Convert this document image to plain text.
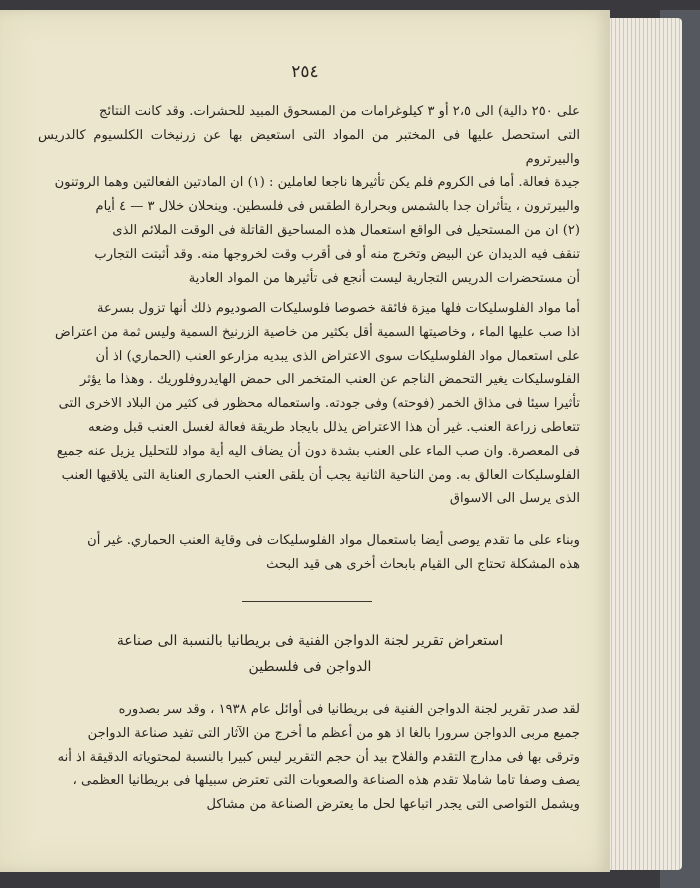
٢٥٤

على ٢٥٠ دالية) الى ٢،٥ أو ٣ كيلوغرامات من المسحوق المبيد للحشرات. وقد كانت النتائج
التى استحصل عليها فى المختبر من المواد التى استعيض بها عن زرنيخات الكلسيوم كالدريس والبيرتروم
جيدة فعالة. أما فى الكروم فلم يكن تأثيرها ناجعا لعاملين : (١) ان المادتين الفعالتين وهما الروتنون
والبيرترون ، يتأثران جدا بالشمس وبحرارة الطقس فى فلسطين. وينحلان خلال ٣ — ٤ أيام
(٢) ان من المستحيل فى الواقع استعمال هذه المساحيق القاتلة فى الوقت الملائم الذى
تنقف فيه الديدان عن البيض وتخرج منه أو فى أقرب وقت لخروجها منه. وقد أثبتت التجارب
أن مستحضرات الدريس التجارية ليست أنجع فى تأثيرها من المواد العادية

أما مواد الفلوسليكات فلها ميزة فائقة خصوصا فلوسليكات الصوديوم ذلك أنها تزول بسرعة
اذا صب عليها الماء ، وخاصيتها السمية أقل بكثير من خاصية الزرنيخ السمية وليس ثمة من اعتراض
على استعمال مواد الفلوسليكات سوى الاعتراض الذى يبديه مزارعو العنب (الحماري) اذ أن
الفلوسليكات يغير التحمض الناجم عن العنب المتخمر الى حمض الهايدروفلوريك . وهذا ما يؤثر
تأثيرا سيئا فى مذاق الخمر (فوحته) وفى جودته. واستعماله محظور فى كثير من البلاد الاخرى التى
تتعاطى زراعة العنب. غير أن هذا الاعتراض يذلل بايجاد طريقة فعالة لغسل العنب قبل وضعه
فى المعصرة. وان صب الماء على العنب بشدة دون أن يضاف اليه أية مواد للتحليل يزيل عنه جميع
الفلوسليكات العالق به. ومن الناحية الثانية يجب أن يلقى العنب الحمارى العناية التى يلاقيها العنب
الذى يرسل الى الاسواق

وبناء على ما تقدم يوصى أيضا باستعمال مواد الفلوسليكات فى وقاية العنب الحماري. غير أن
هذه المشكلة تحتاج الى القيام بابحاث أخرى هى قيد البحث

استعراض تقرير لجنة الدواجن الفنية فى بريطانيا بالنسبة الى صناعة
الدواجن فى فلسطين

لقد صدر تقرير لجنة الدواجن الفنية فى بريطانيا فى أوائل عام ١٩٣٨ ، وقد سر بصدوره
جميع مربى الدواجن سرورا بالغا اذ هو من أعظم ما أخرج من الآثار التى تفيد صناعة الدواجن
وترقى بها فى مدارج التقدم والفلاح بيد أن حجم التقرير ليس كبيرا بالنسبة لمحتوياته الدقيقة اذ أنه
يصف وصفا تاما شاملا تقدم هذه الصناعة والصعوبات التى تعترض سبيلها فى بريطانيا العظمى ،
ويشمل التواصى التى يجدر اتباعها لحل ما يعترض الصناعة من مشاكل
